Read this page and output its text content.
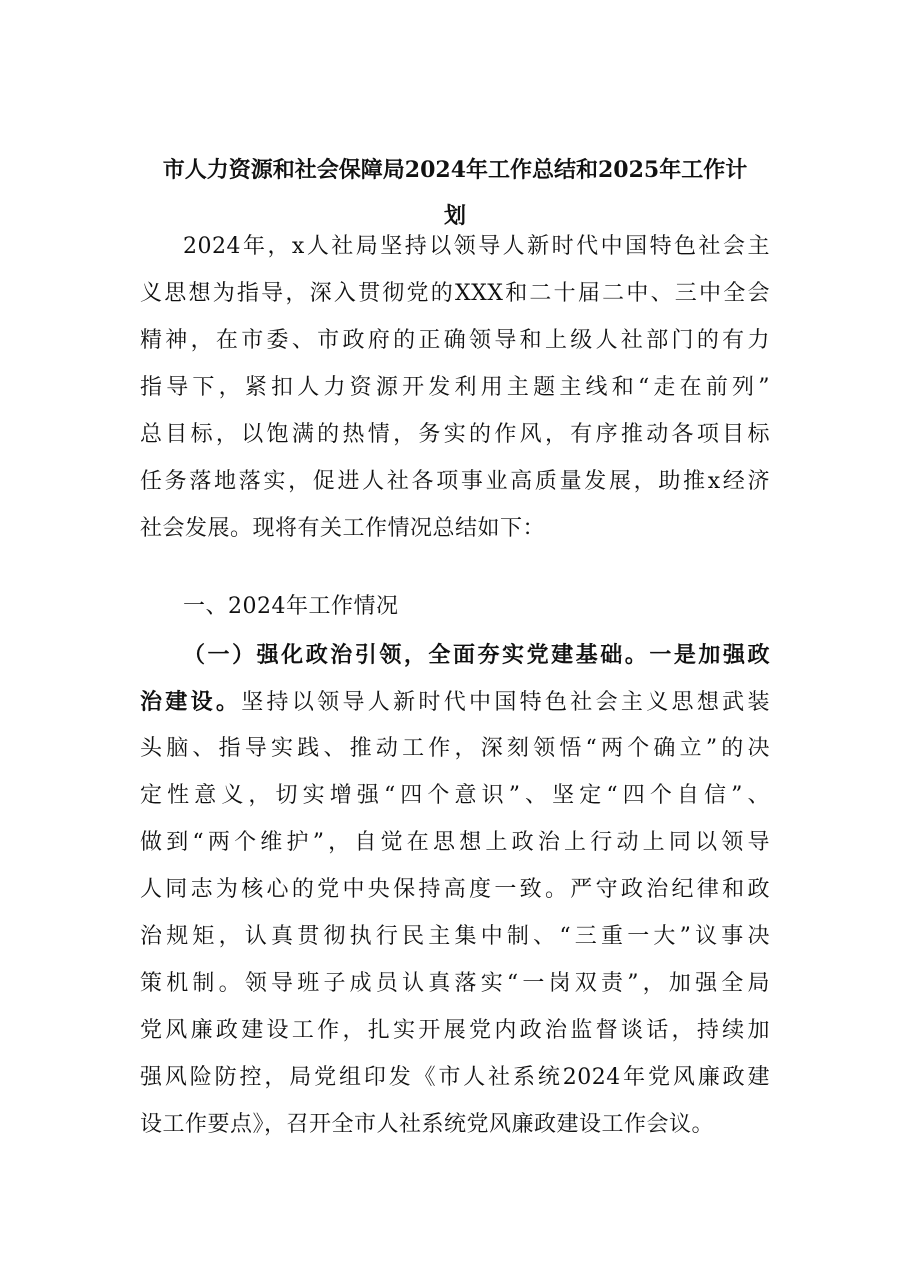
市人力资源和社会保障局2024年工作总结和2025年工作计
划
2024年，x人社局坚持以领导人新时代中国特色社会主
义思想为指导，深入贯彻党的XXX和二十届二中、三中全会
精神，在市委、市政府的正确领导和上级人社部门的有力
指导下，紧扣人力资源开发利用主题主线和“走在前列”
总目标，以饱满的热情，务实的作风，有序推动各项目标
任务落地落实，促进人社各项事业高质量发展，助推x经济
社会发展。现将有关工作情况总结如下：
一、2024年工作情况
（一）强化政治引领，全面夯实党建基础。一是加强政
治建设。坚持以领导人新时代中国特色社会主义思想武装
头脑、指导实践、推动工作，深刻领悟“两个确立”的决
定性意义，切实增强“四个意识”、坚定“四个自信”、
做到“两个维护”，自觉在思想上政治上行动上同以领导
人同志为核心的党中央保持高度一致。严守政治纪律和政
治规矩，认真贯彻执行民主集中制、“三重一大”议事决
策机制。领导班子成员认真落实“一岗双责”，加强全局
党风廉政建设工作，扎实开展党内政治监督谈话，持续加
强风险防控，局党组印发《市人社系统2024年党风廉政建
设工作要点》，召开全市人社系统党风廉政建设工作会议。
